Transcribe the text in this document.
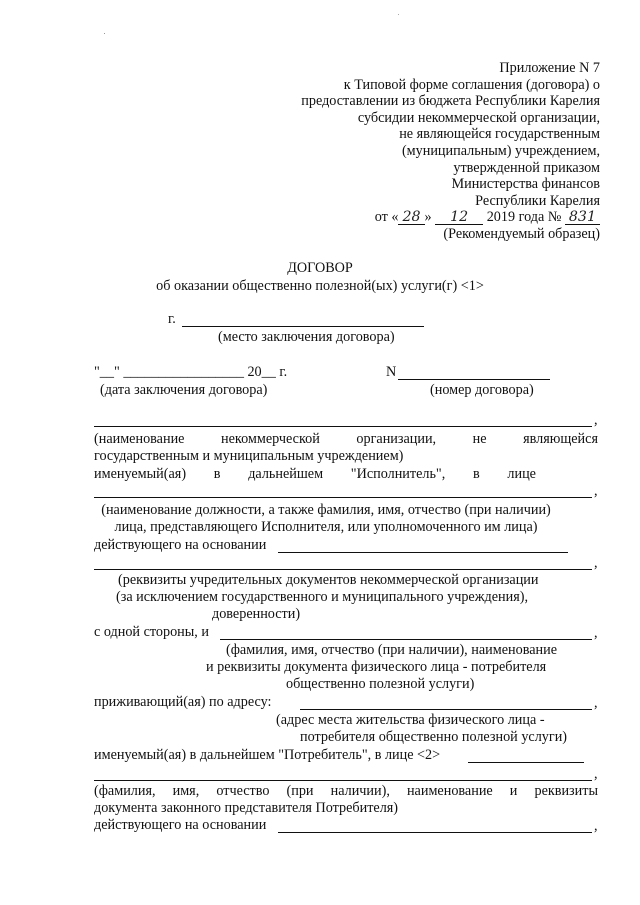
Приложение N 7
к Типовой форме соглашения (договора) о
предоставлении из бюджета Республики Карелия
субсидии некоммерческой организации,
не являющейся государственным
(муниципальным) учреждением,
утвержденной приказом
Министерства финансов
Республики Карелия
от « 28 » 12 2019 года № 831
(Рекомендуемый образец)
ДОГОВОР
об оказании общественно полезной(ых) услуги(г) <1>
г.
(место заключения договора)
"__" _________________ 20__ г.	N
(дата заключения договора)	(номер договора)
,
(наименование	некоммерческой	организации,	не	являющейся
государственным и муниципальным учреждением)
именуемый(ая) в дальнейшем "Исполнитель", в лице
,
(наименование должности, а также фамилия, имя, отчество (при наличии)
лица, представляющего Исполнителя, или уполномоченного им лица)
действующего на основании
,
(реквизиты учредительных документов некоммерческой организации
(за исключением государственного и муниципального учреждения),
доверенности)
с одной стороны, и	,
(фамилия, имя, отчество (при наличии), наименование
и реквизиты документа физического лица - потребителя
общественно полезной услуги)
приживающий(ая) по адресу:	,
(адрес места жительства физического лица -
потребителя общественно полезной услуги)
именуемый(ая) в дальнейшем "Потребитель", в лице <2>
,
(фамилия, имя, отчество (при наличии), наименование и реквизиты
документа законного представителя Потребителя)
действующего на основании	,
